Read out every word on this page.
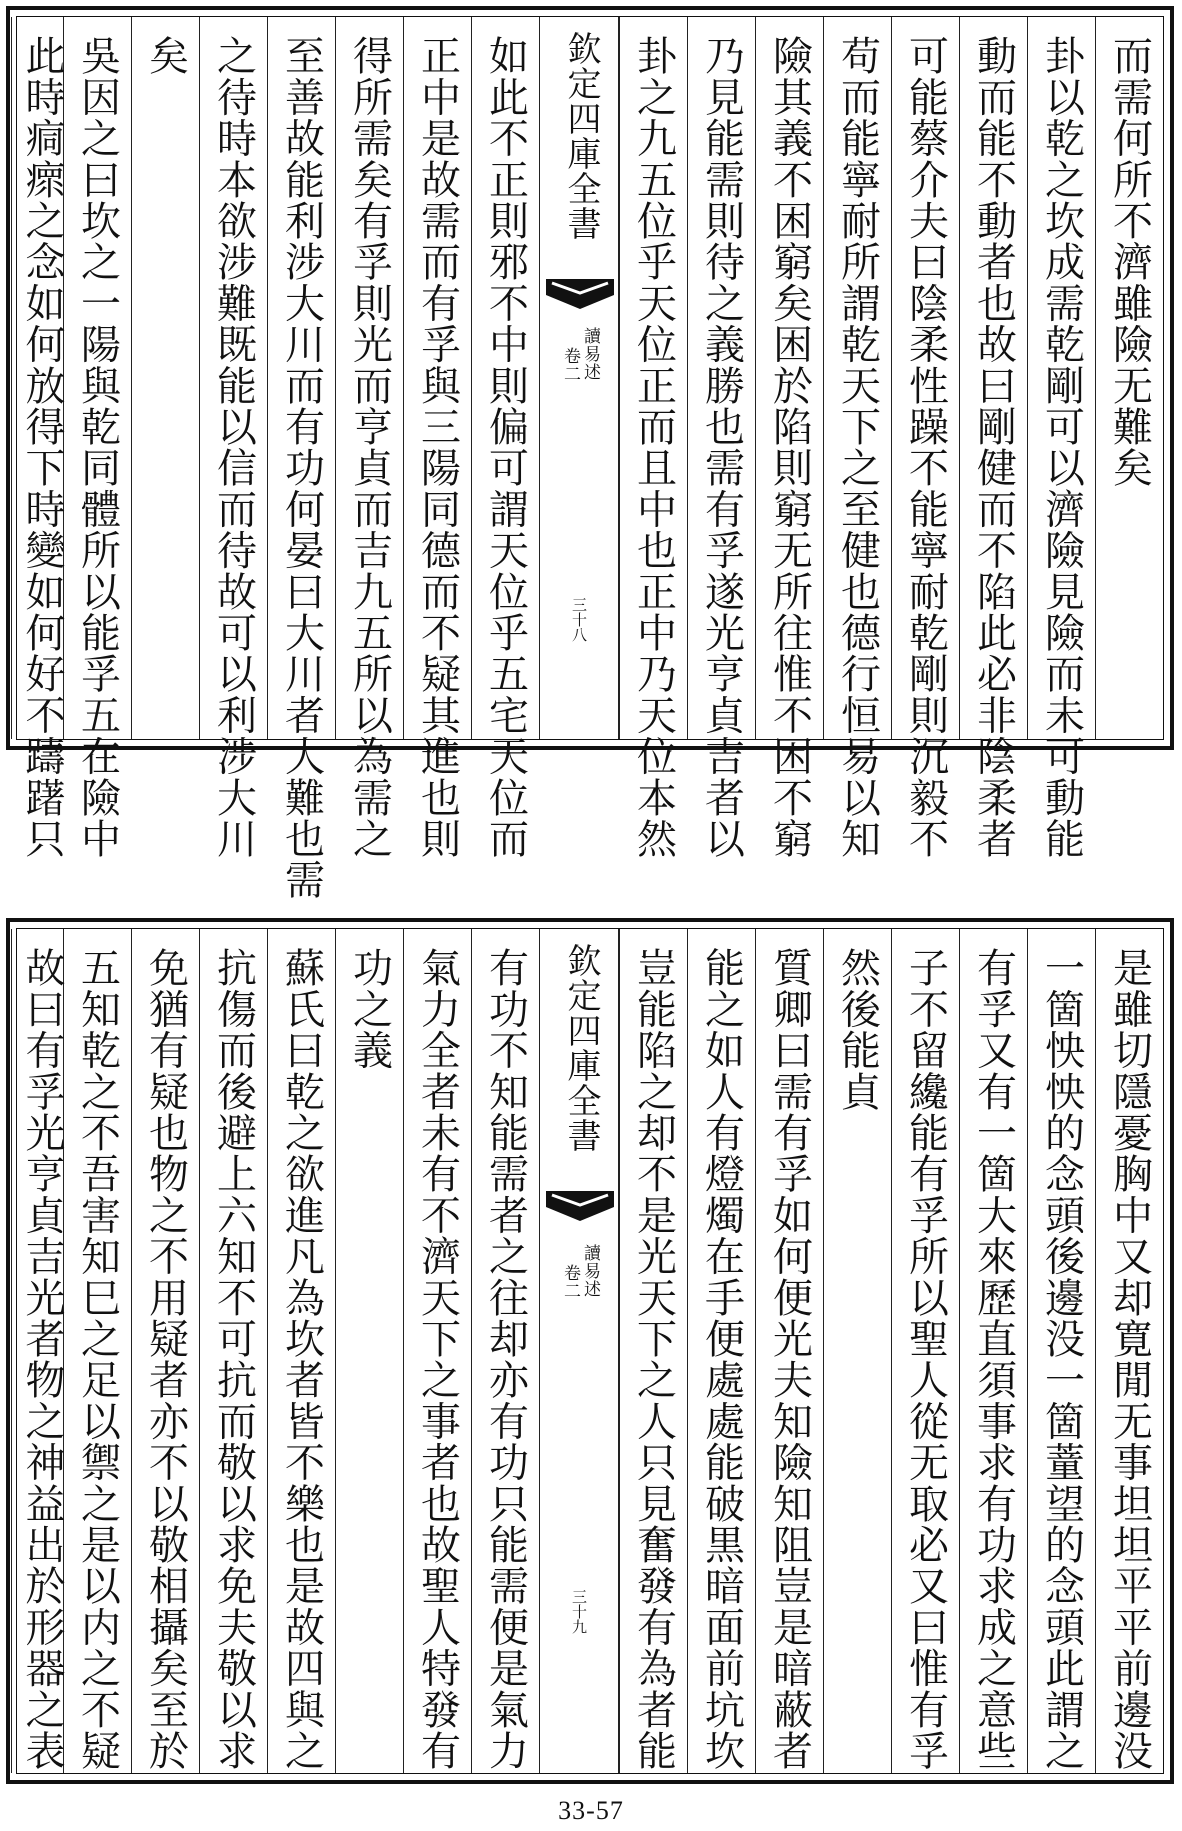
而需何所不濟雖險无難矣
卦以乾之坎成需乾剛可以濟險見險而未可動能
動而能不動者也故曰剛健而不陷此必非陰柔者
可能蔡介夫曰陰柔性躁不能寧耐乾剛則沉毅不
苟而能寧耐所謂乾天下之至健也德行恒易以知
險其義不困窮矣困於陷則窮无所往惟不困不窮
乃見能需則待之義勝也需有孚遂光亨貞吉者以
卦之九五位乎天位正而且中也正中乃天位本然
欽定四庫全書
讀易述
卷二
三十八
如此不正則邪不中則偏可謂天位乎五宅天位而
正中是故需而有孚與三陽同德而不疑其進也則
得所需矣有孚則光而亨貞而吉九五所以為需之
至善故能利涉大川而有功何晏曰大川者大難也需
之待時本欲涉難既能以信而待故可以利涉大川
矣
吳因之曰坎之一陽與乾同體所以能孚五在險中
此時痌瘝之念如何放得下時變如何好不躊躇只
是雖切隱憂胸中又却寛閒无事坦坦平平前邊没
一箇怏怏的念頭後邊没一箇蕫望的念頭此謂之
有孚又有一箇大來歷直須事求有功求成之意些
子不留纔能有孚所以聖人從无取必又曰惟有孚
然後能貞
質卿曰需有孚如何便光夫知險知阻豈是暗蔽者
能之如人有燈燭在手便處處能破黒暗面前坑坎
豈能陷之却不是光天下之人只見奮發有為者能
欽定四庫全書
讀易述
卷二
三十九
有功不知能需者之往却亦有功只能需便是氣力
氣力全者未有不濟天下之事者也故聖人特發有
功之義
蘇氏曰乾之欲進凡為坎者皆不樂也是故四與之
抗傷而後避上六知不可抗而敬以求免夫敬以求
免猶有疑也物之不用疑者亦不以敬相攝矣至於
五知乾之不吾害知巳之足以禦之是以内之不疑
故曰有孚光亨貞吉光者物之神益出於形器之表
33-57
